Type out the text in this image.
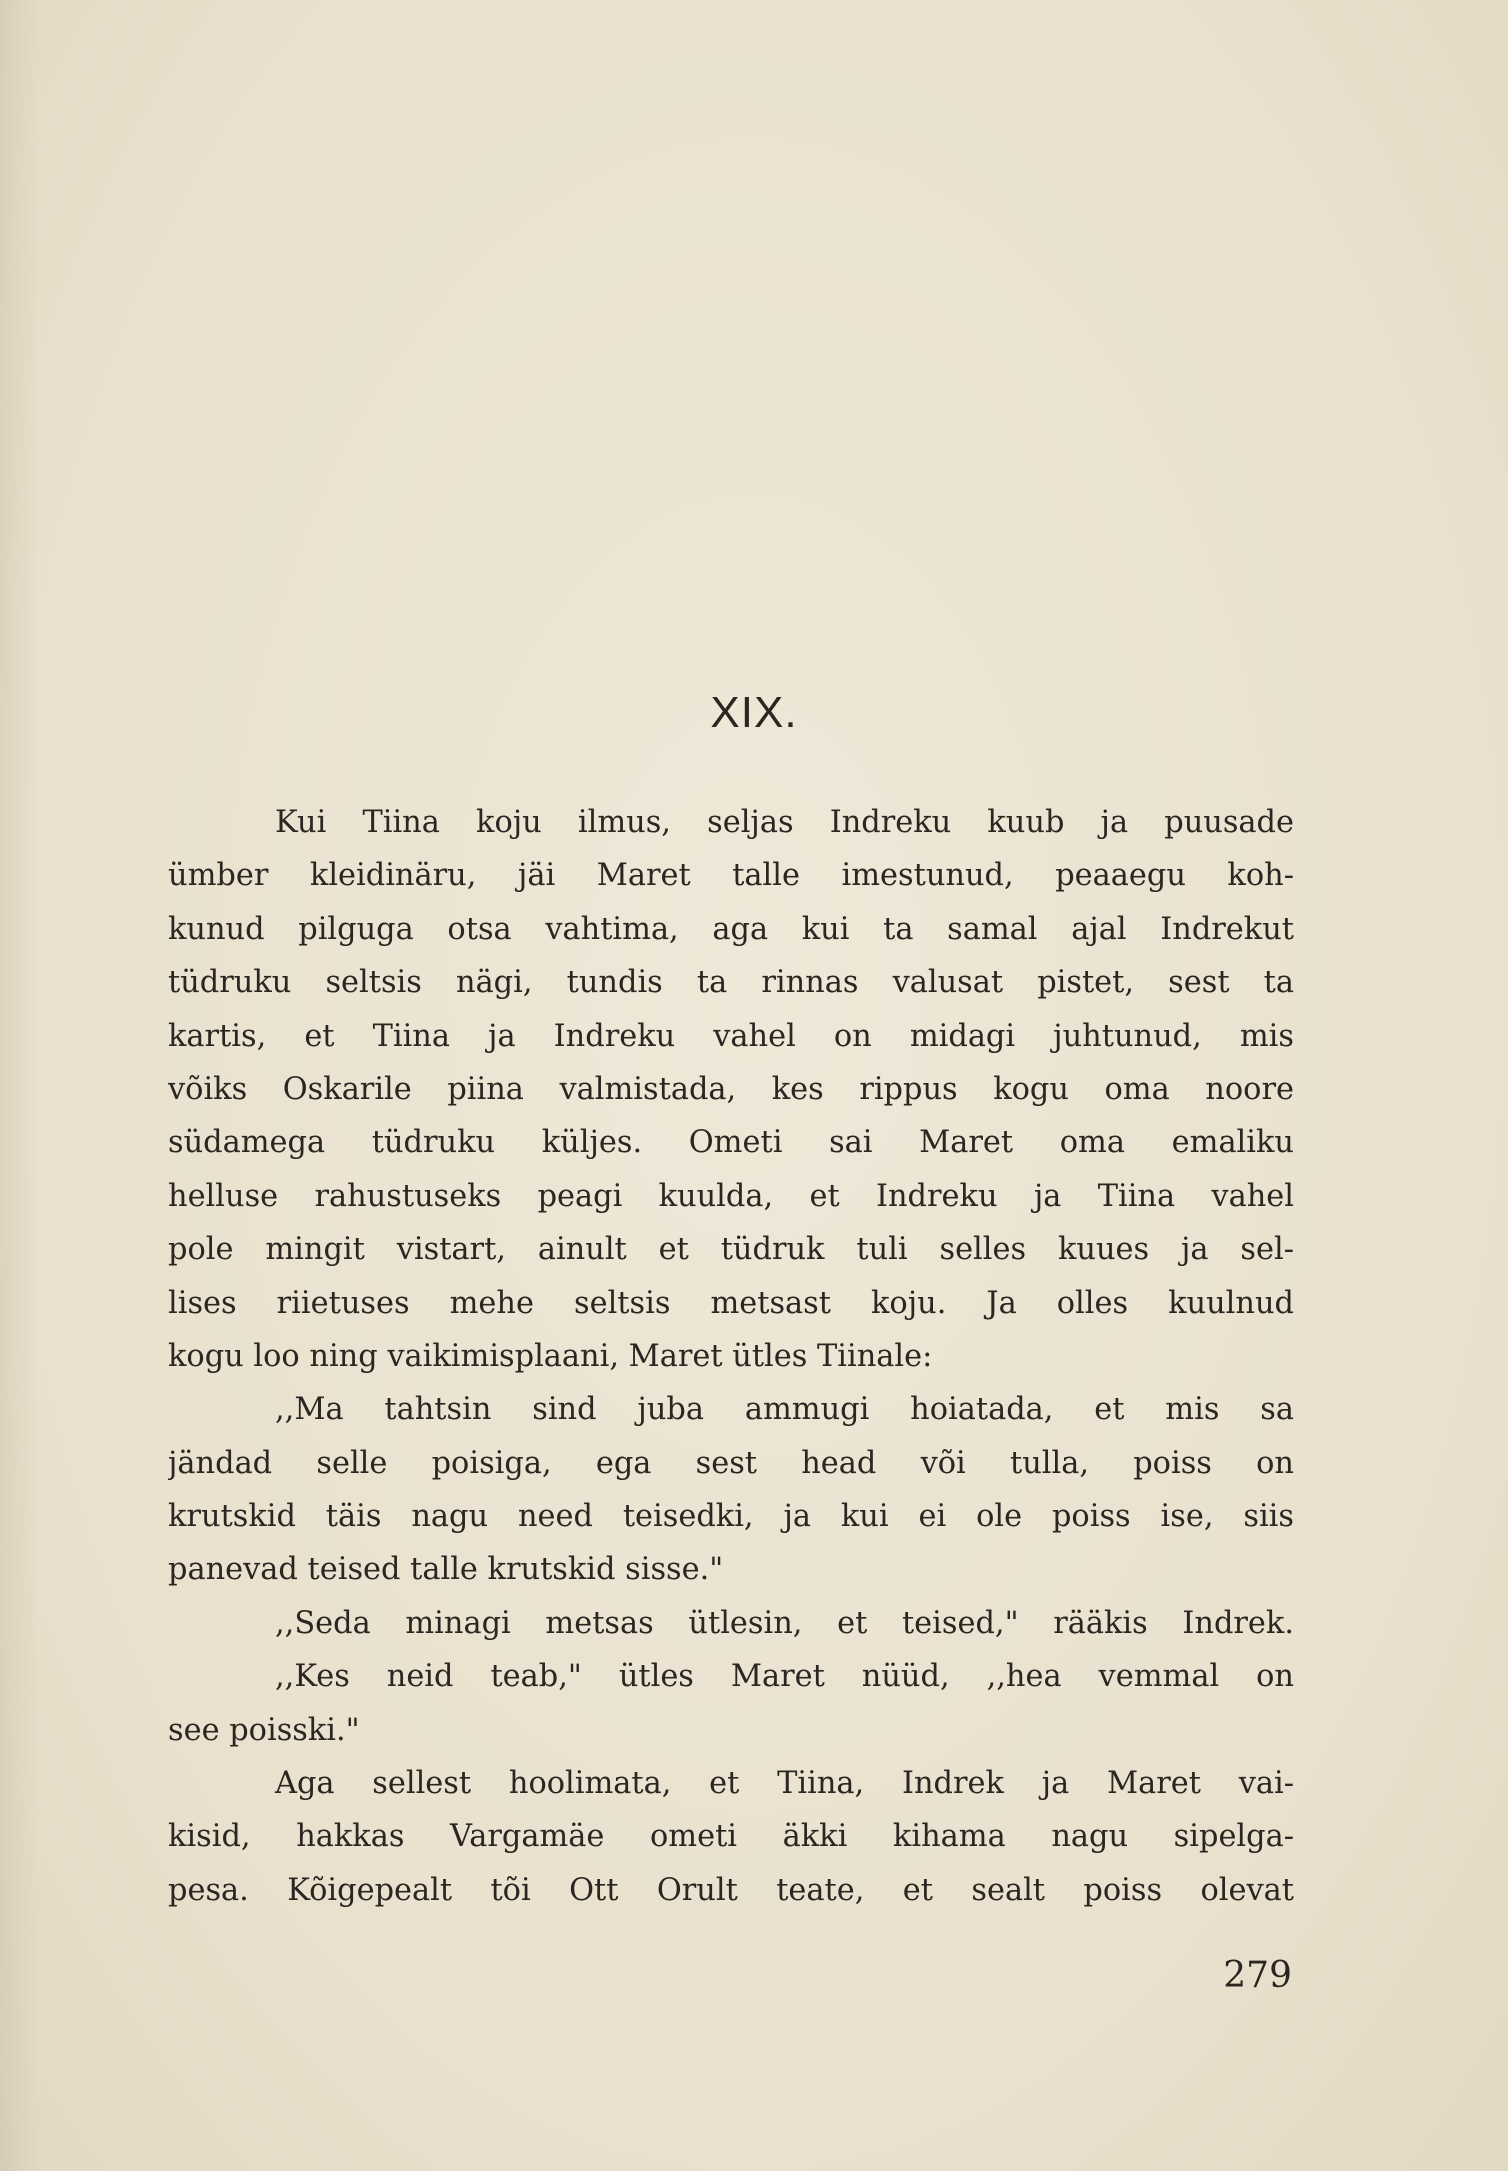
XIX.
Kui Tiina koju ilmus, seljas Indreku kuub ja puusade
ümber kleidinäru, jäi Maret talle imestunud, peaaegu koh-
kunud pilguga otsa vahtima, aga kui ta samal ajal Indrekut
tüdruku seltsis nägi, tundis ta rinnas valusat pistet, sest ta
kartis, et Tiina ja Indreku vahel on midagi juhtunud, mis
võiks Oskarile piina valmistada, kes rippus kogu oma noore
südamega tüdruku küljes. Ometi sai Maret oma emaliku
helluse rahustuseks peagi kuulda, et Indreku ja Tiina vahel
pole mingit vistart, ainult et tüdruk tuli selles kuues ja sel-
lises riietuses mehe seltsis metsast koju. Ja olles kuulnud
kogu loo ning vaikimisplaani, Maret ütles Tiinale:
,,Ma tahtsin sind juba ammugi hoiatada, et mis sa
jändad selle poisiga, ega sest head või tulla, poiss on
krutskid täis nagu need teisedki, ja kui ei ole poiss ise, siis
panevad teised talle krutskid sisse."
,,Seda minagi metsas ütlesin, et teised," rääkis Indrek.
,,Kes neid teab," ütles Maret nüüd, ,,hea vemmal on
see poisski."
Aga sellest hoolimata, et Tiina, Indrek ja Maret vai-
kisid, hakkas Vargamäe ometi äkki kihama nagu sipelga-
pesa. Kõigepealt tõi Ott Orult teate, et sealt poiss olevat
279
